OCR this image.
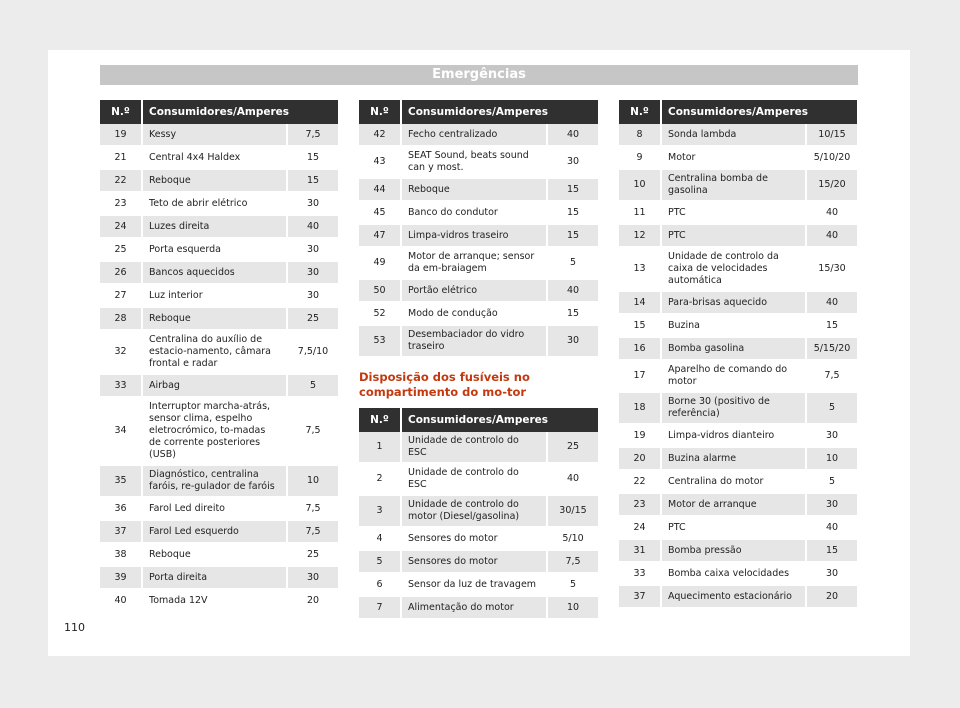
Emergências
N.º	Consumidores/Amperes	
19	Kessy	7,5
21	Central 4x4 Haldex	15
22	Reboque	15
23	Teto de abrir elétrico	30
24	Luzes direita	40
25	Porta esquerda	30
26	Bancos aquecidos	30
27	Luz interior	30
28	Reboque	25
32	Centralina do auxílio de estacio-namento, câmara frontal e radar	7,5/10
33	Airbag	5
34	Interruptor marcha-atrás, sensor clima, espelho eletrocrómico, to-madas de corrente posteriores (USB)	7,5
35	Diagnóstico, centralina faróis, re-gulador de faróis	10
36	Farol Led direito	7,5
37	Farol Led esquerdo	7,5
38	Reboque	25
39	Porta direita	30
40	Tomada 12V	20
N.º	Consumidores/Amperes	
42	Fecho centralizado	40
43	SEAT Sound, beats sound can y most.	30
44	Reboque	15
45	Banco do condutor	15
47	Limpa-vidros traseiro	15
49	Motor de arranque; sensor da em-braiagem	5
50	Portão elétrico	40
52	Modo de condução	15
53	Desembaciador do vidro traseiro	30
Disposição dos fusíveis no compartimento do mo-tor
N.º	Consumidores/Amperes	
1	Unidade de controlo do ESC	25
2	Unidade de controlo do ESC	40
3	Unidade de controlo do motor (Diesel/gasolina)	30/15
4	Sensores do motor	5/10
5	Sensores do motor	7,5
6	Sensor da luz de travagem	5
7	Alimentação do motor	10
N.º	Consumidores/Amperes	
8	Sonda lambda	10/15
9	Motor	5/10/20
10	Centralina bomba de gasolina	15/20
11	PTC	40
12	PTC	40
13	Unidade de controlo da caixa de velocidades automática	15/30
14	Para-brisas aquecido	40
15	Buzina	15
16	Bomba gasolina	5/15/20
17	Aparelho de comando do motor	7,5
18	Borne 30 (positivo de referência)	5
19	Limpa-vidros dianteiro	30
20	Buzina alarme	10
22	Centralina do motor	5
23	Motor de arranque	30
24	PTC	40
31	Bomba pressão	15
33	Bomba caixa velocidades	30
37	Aquecimento estacionário	20
110
